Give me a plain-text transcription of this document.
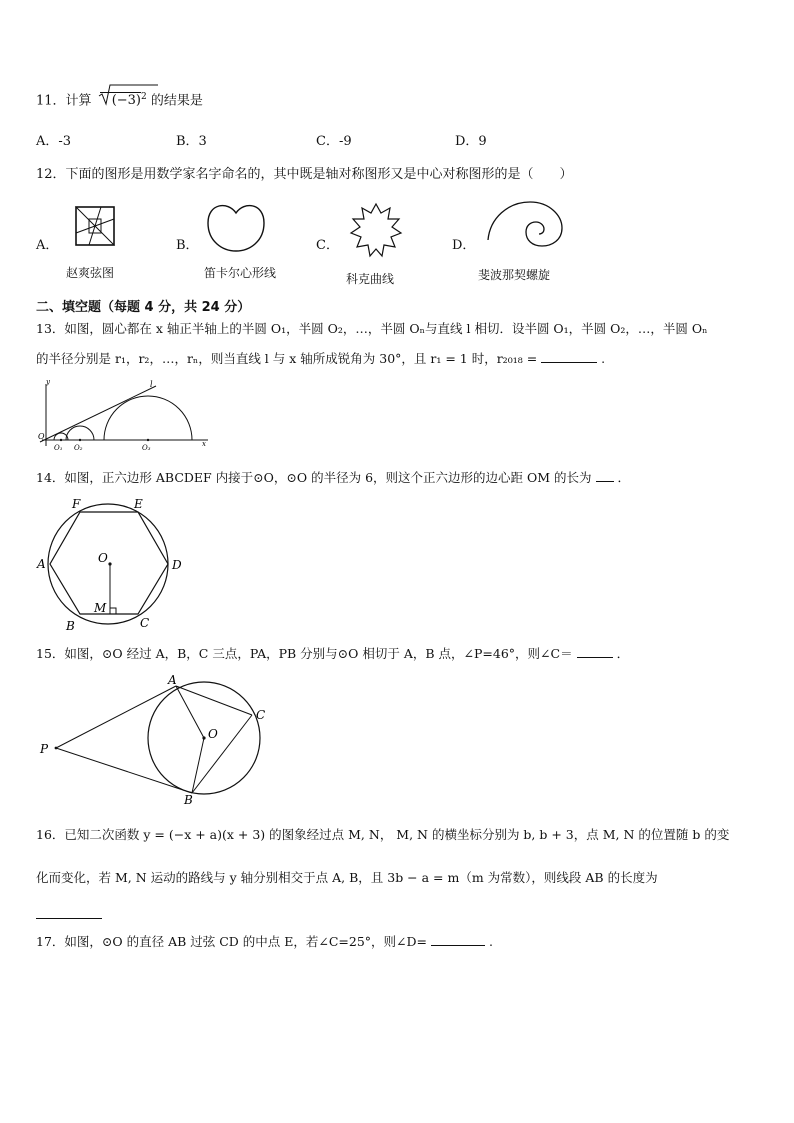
11．计算 $(-3)^2$ 的结果是
A．-3	B．3	C．-9	D．9
12．下面的图形是用数学家名字命名的，其中既是轴对称图形又是中心对称图形的是（　　）
A．
赵爽弦图
B．
笛卡尔心形线
C．
科克曲线
D．
斐波那契螺旋
二、填空题（每题 4 分，共 24 分）
13．如图，圆心都在 x 轴正半轴上的半圆 O₁，半圆 O₂，…，半圆 Oₙ与直线 l 相切．设半圆 O₁，半圆 O₂，…，半圆 Oₙ
的半径分别是 r₁，r₂，…，rₙ，则当直线 l 与 x 轴所成锐角为 30°，且 r₁ = 1 时，r₂₀₁₈ =	.
y
x
l
O
O₁ O₂	O₃
14．如图，正六边形 ABCDEF 内接于⊙O，⊙O 的半径为 6，则这个正六边形的边心距 OM 的长为 ．
F	E
A	D
B	C
O
M
15．如图，⊙O 经过 A，B，C 三点，PA，PB 分别与⊙O 相切于 A，B 点，∠P=46°，则∠C＝	．
A
B
C
P
O
16．已知二次函数 y = (−x + a)(x + 3) 的图象经过点 M, N， M, N 的横坐标分别为 b, b + 3，点 M, N 的位置随 b 的变
化而变化，若 M, N 运动的路线与 y 轴分别相交于点 A, B，且 3b − a = m（m 为常数），则线段 AB 的长度为
17．如图，⊙O 的直径 AB 过弦 CD 的中点 E，若∠C=25°，则∠D=	.
